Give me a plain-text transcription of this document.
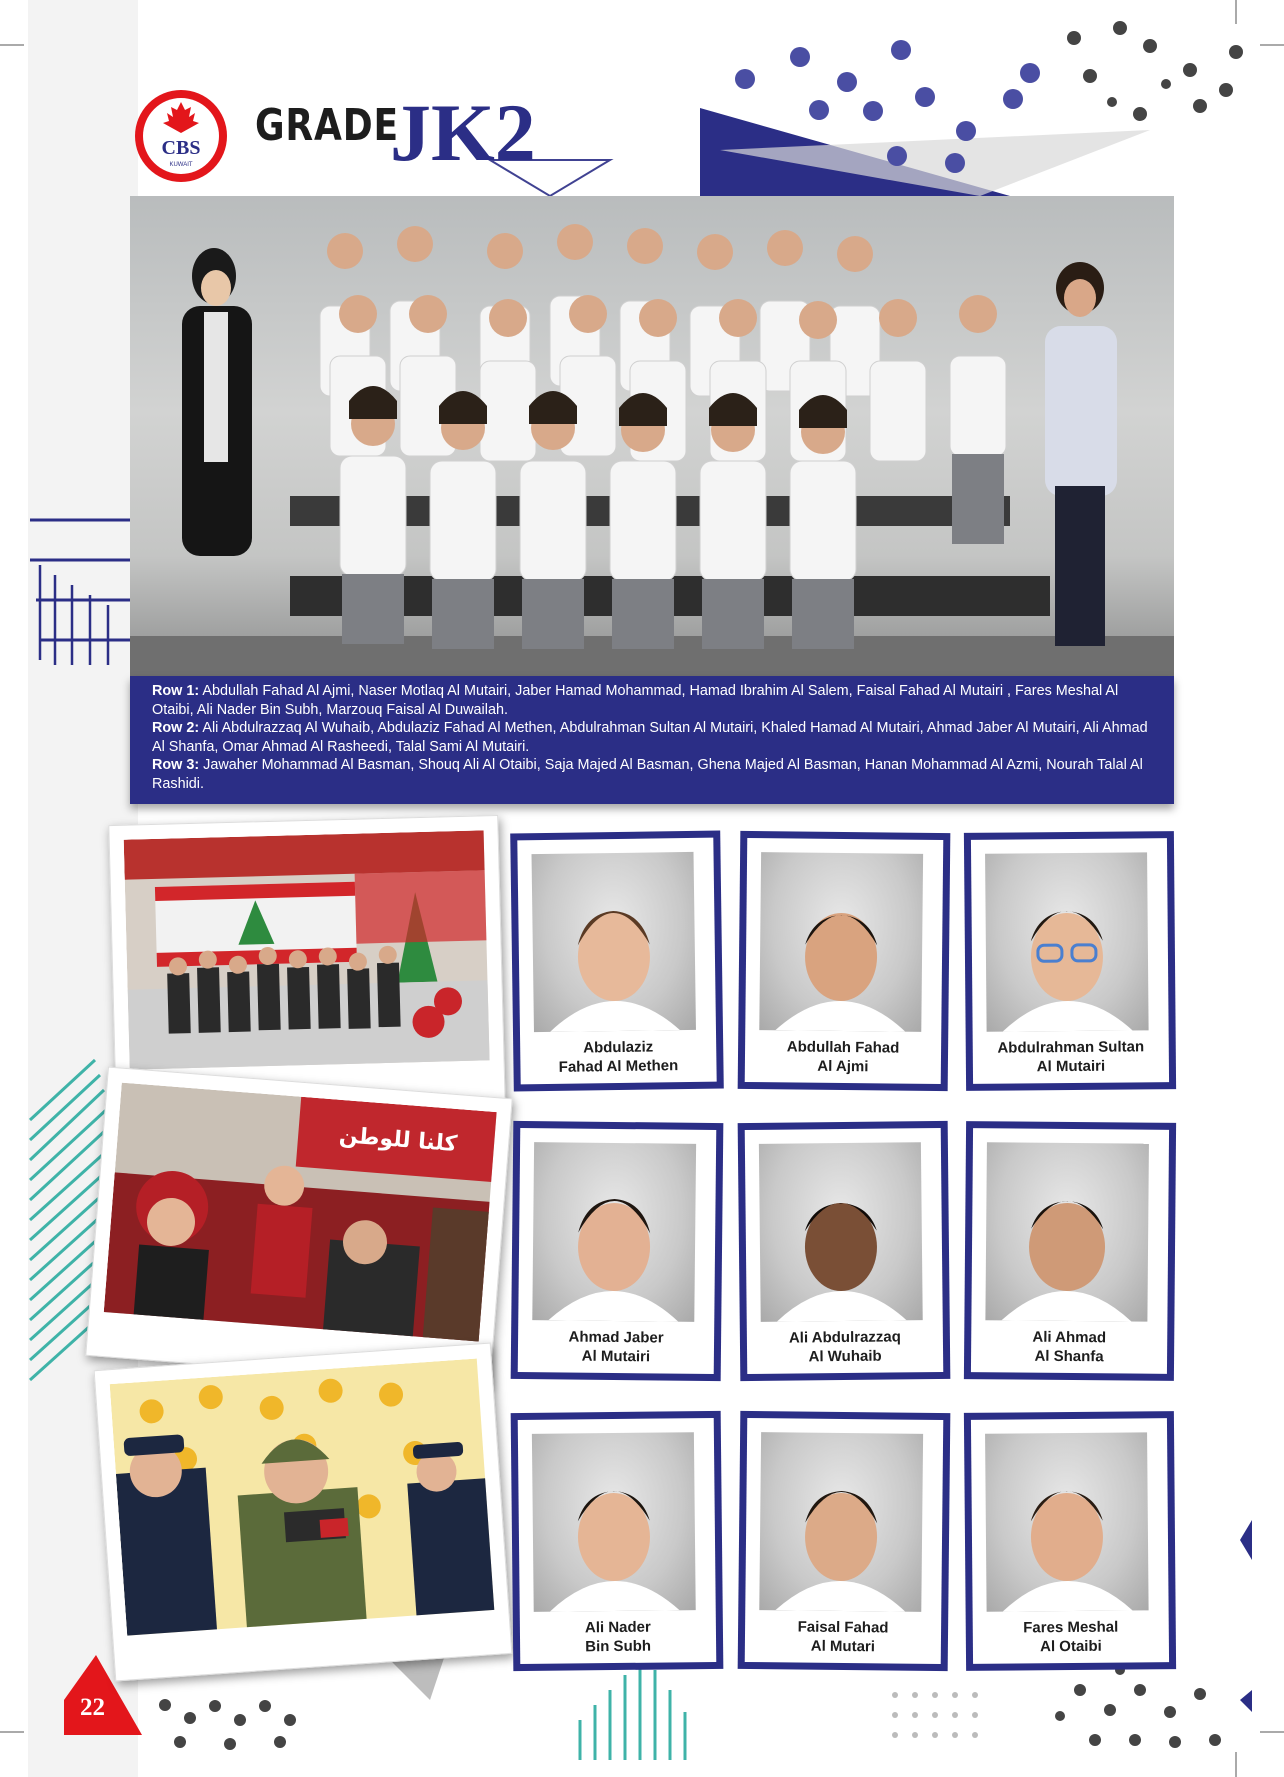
CBS
KUWAIT
GRADE
JK2
Row 1: Abdullah Fahad Al Ajmi, Naser Motlaq Al Mutairi, Jaber Hamad Mohammad, Hamad Ibrahim Al Salem, Faisal Fahad Al Mutairi , Fares Meshal Al Otaibi, Ali Nader Bin Subh, Marzouq Faisal Al Duwailah.
Row 2: Ali Abdulrazzaq Al Wuhaib, Abdulaziz Fahad Al Methen, Abdulrahman Sultan Al Mutairi, Khaled Hamad Al Mutairi, Ahmad Jaber Al Mutairi, Ali Ahmad Al Shanfa, Omar Ahmad Al Rasheedi, Talal Sami Al Mutairi.
Row 3: Jawaher Mohammad Al Basman, Shouq Ali Al Otaibi, Saja Majed Al Basman, Ghena Majed Al Basman, Hanan Mohammad Al Azmi, Nourah Talal Al Rashidi.
كلنا للوطن
Abdulaziz
Fahad Al Methen
Abdullah Fahad
Al Ajmi
Abdulrahman Sultan
Al Mutairi
Ahmad Jaber
Al Mutairi
Ali Abdulrazzaq
Al Wuhaib
Ali Ahmad
Al Shanfa
Ali Nader
Bin Subh
Faisal Fahad
Al Mutari
Fares Meshal
Al Otaibi
22
